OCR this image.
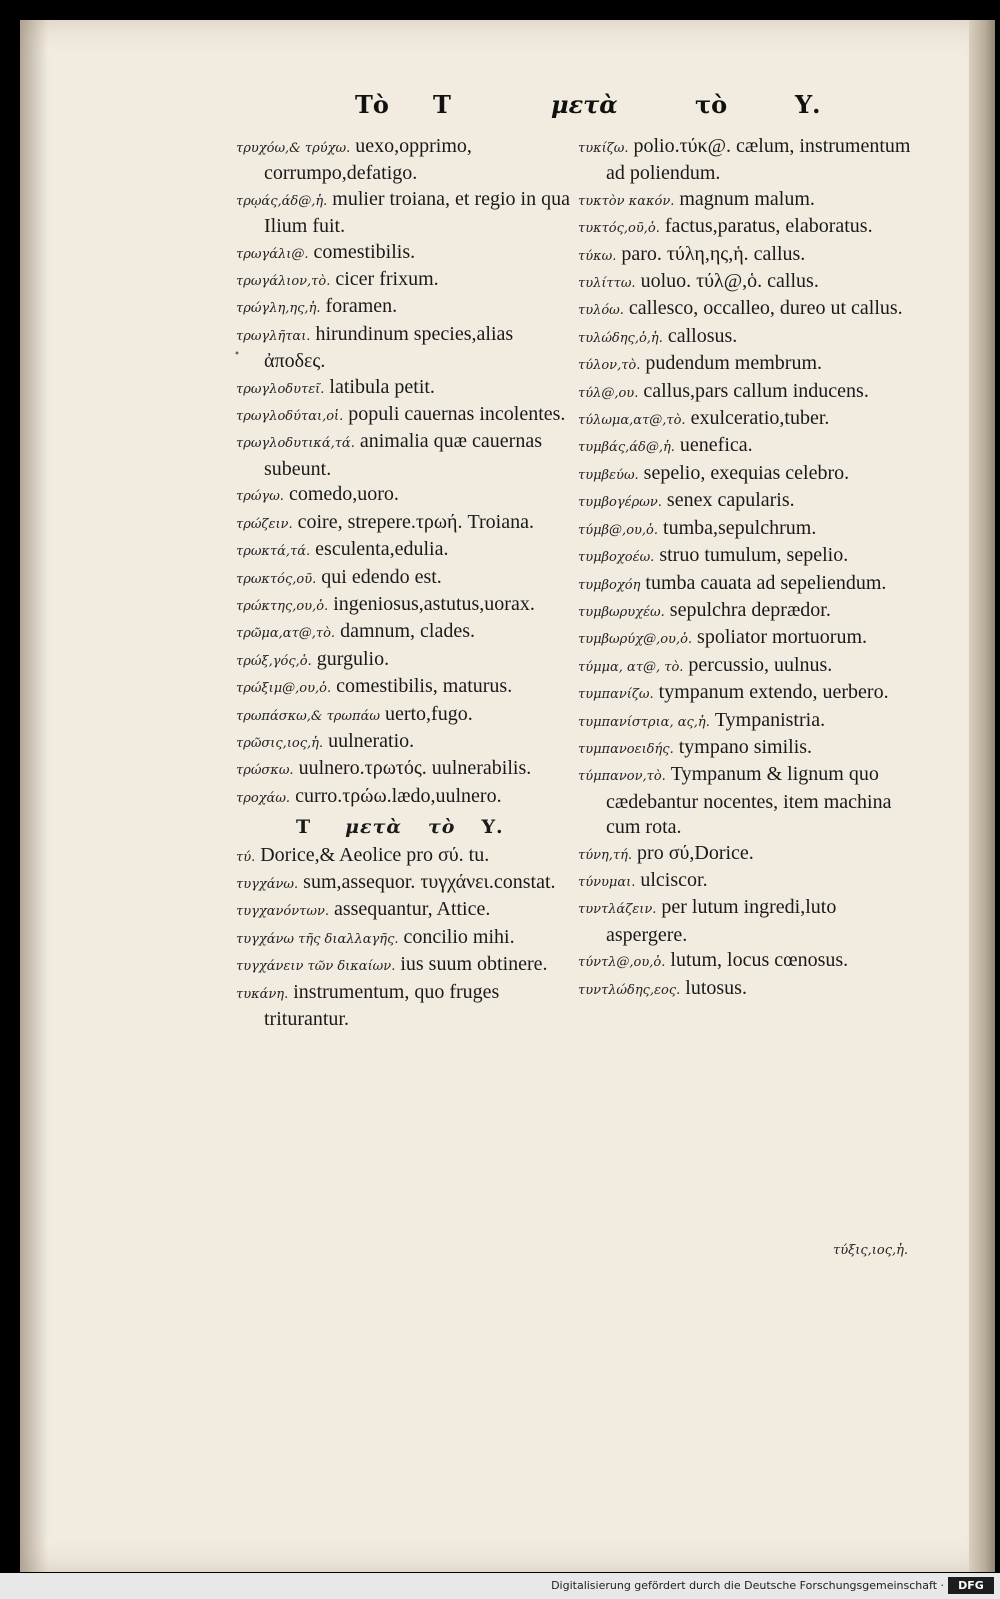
Τὸ Τ	μετὰ	τὸ	Υ.
•

τρυχόω,& τρύχω. uexo,opprimo, corrumpo,defatigo.

τρῳάς,άδ@,ἡ. mulier troiana, et regio in qua Ilium fuit.

τρωγάλι@. comestibilis.

τρωγάλιον,τὸ. cicer frixum.

τρώγλη,ης,ἡ. foramen.

τρωγλῆται. hirundinum species,alias ἀποδες.

τρωγλοδυτεῖ. latibula petit.

τρωγλοδύται,οἱ. populi cauernas incolentes.

τρωγλοδυτικά,τά. animalia quæ cauernas subeunt.

τρώγω. comedo,uoro.

τρώζειν. coire, strepere.τρωή. Troiana.

τρωκτά,τά. esculenta,edulia.

τρωκτός,οῦ. qui edendo est.

τρώκτης,ου,ὁ. ingeniosus,astutus,uorax.

τρῶμα,ατ@,τὸ. damnum, clades.

τρώξ,γός,ὁ. gurgulio.

τρώξιμ@,ου,ὁ. comestibilis, maturus.

τρωπάσκω,& τρωπάω uerto,fugo.

τρῶσις,ιος,ἡ. uulneratio.

τρώσκω. uulnero.τρωτός. uulnerabilis.

τροχάω. curro.τρώω.lædo,uulnero.

Τ μετὰ τὸ Υ.

τύ. Dorice,& Aeolice pro σύ. tu.

τυγχάνω. sum,assequor. τυγχάνει.constat.

τυγχανόντων. assequantur, Attice.

τυγχάνω τῆς διαλλαγῆς. concilio mihi.

τυγχάνειν τῶν δικαίων. ius suum obtinere.

τυκάνη. instrumentum, quo fruges triturantur.

τυκίζω. polio.τύκ@. cælum, instrumentum ad poliendum.

τυκτὸν κακόν. magnum malum.

τυκτός,οῦ,ὁ. factus,paratus, elaboratus.

τύκω. paro. τύλη,ης,ἡ. callus.

τυλίττω. uoluo. τύλ@,ὁ. callus.

τυλόω. callesco, occalleo, dureo ut callus.

τυλώδης,ὁ,ἡ. callosus.

τύλον,τὸ. pudendum membrum.

τύλ@,ου. callus,pars callum inducens.

τύλωμα,ατ@,τὸ. exulceratio,tuber.

τυμβάς,άδ@,ἡ. uenefica.

τυμβεύω. sepelio, exequias celebro.

τυμβογέρων. senex capularis.

τύμβ@,ου,ὁ. tumba,sepulchrum.

τυμβοχοέω. struo tumulum, sepelio.

τυμβοχόη tumba cauata ad sepeliendum.

τυμβωρυχέω. sepulchra deprædor.

τυμβωρύχ@,ου,ὁ. spoliator mortuorum.

τύμμα, ατ@, τὸ. percussio, uulnus.

τυμπανίζω. tympanum extendo, uerbero.

τυμπανίστρια, ας,ἡ. Tympanistria.

τυμπανοειδής. tympano similis.

τύμπανον,τὸ. Tympanum & lignum quo cædebantur nocentes, item machina cum rota.

τύνη,τή. pro σύ,Dorice.

τύνυμαι. ulciscor.

τυντλάζειν. per lutum ingredi,luto aspergere.

τύντλ@,ου,ὁ. lutum, locus cœnosus.

τυντλώδης,εος. lutosus.

τύξις,ιος,ἡ.
Digitalisierung gefördert durch die Deutsche Forschungsgemeinschaft ·	DFG
